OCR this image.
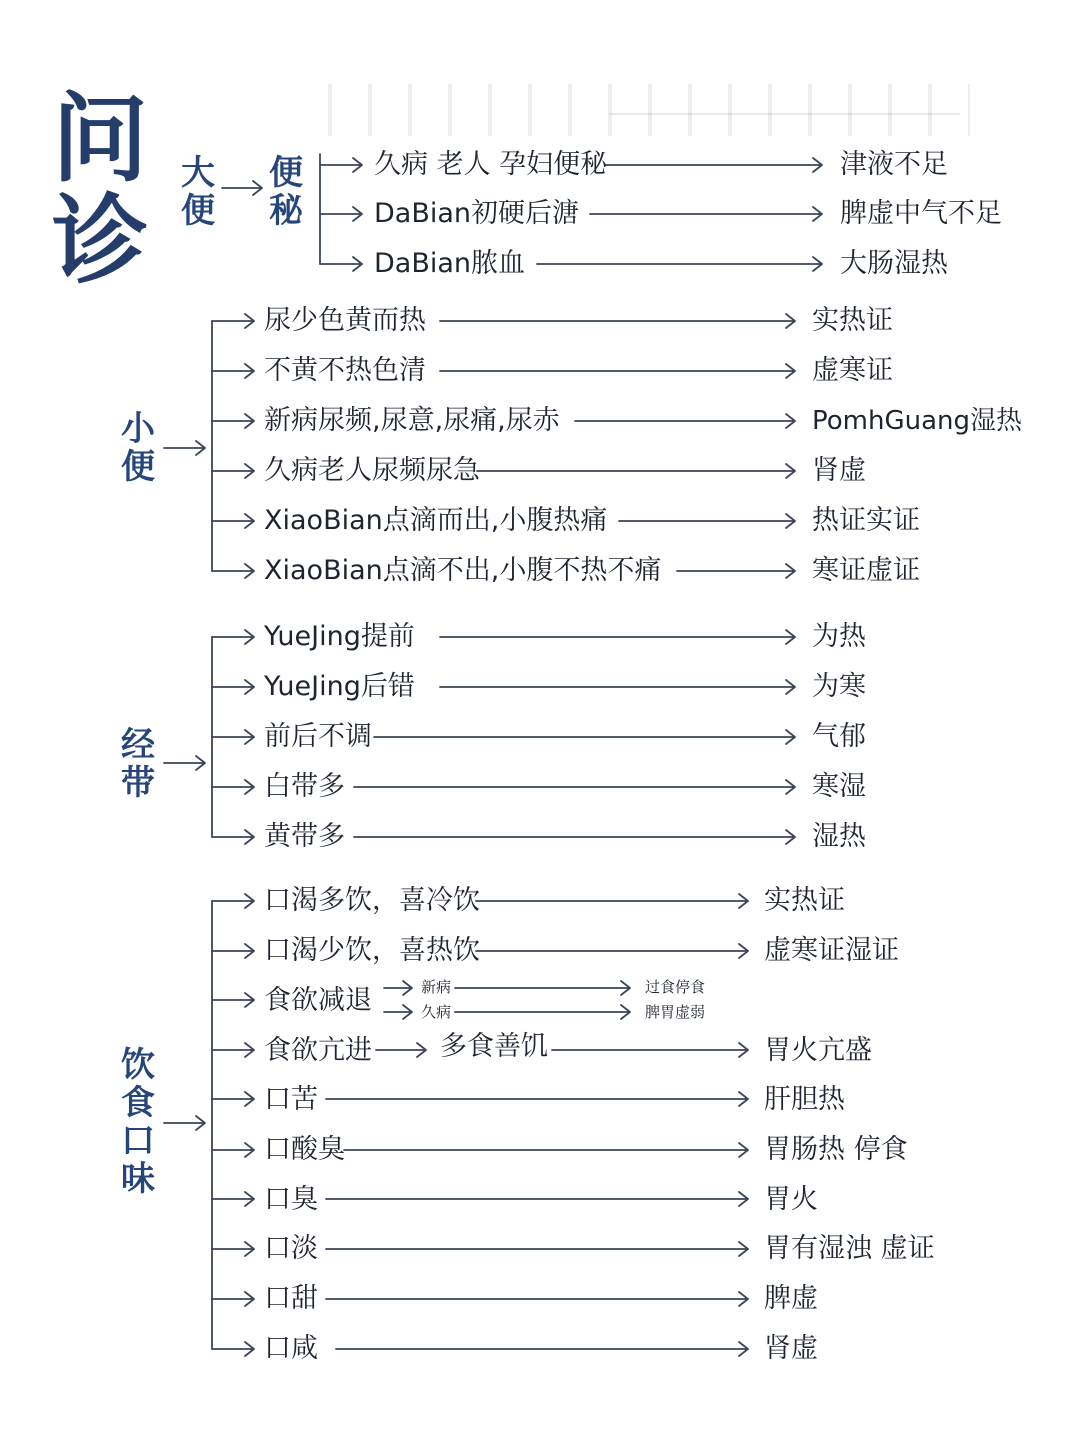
问
诊
大
便
便
秘
小
便
经
带
饮
食
口
味
久病 老人 孕妇便秘	津液不足
DaBian初硬后溏	脾虚中气不足
DaBian脓血	大肠湿热
尿少色黄而热	实热证
不黄不热色清	虚寒证
新病尿频,尿意,尿痛,尿赤	PomhGuang湿热
久病老人尿频尿急	肾虚
XiaoBian点滴而出,小腹热痛	热证实证
XiaoBian点滴不出,小腹不热不痛	寒证虚证
YueJing提前	为热
YueJing后错	为寒
前后不调	气郁
白带多	寒湿
黄带多	湿热
口渴多饮，喜冷饮	实热证
口渴少饮，喜热饮	虚寒证湿证
食欲减退	新病	过食停食
久病	脾胃虚弱
食欲亢进	多食善饥	胃火亢盛
口苦	肝胆热
口酸臭	胃肠热 停食
口臭	胃火
口淡	胃有湿浊 虚证
口甜	脾虚
口咸	肾虚
